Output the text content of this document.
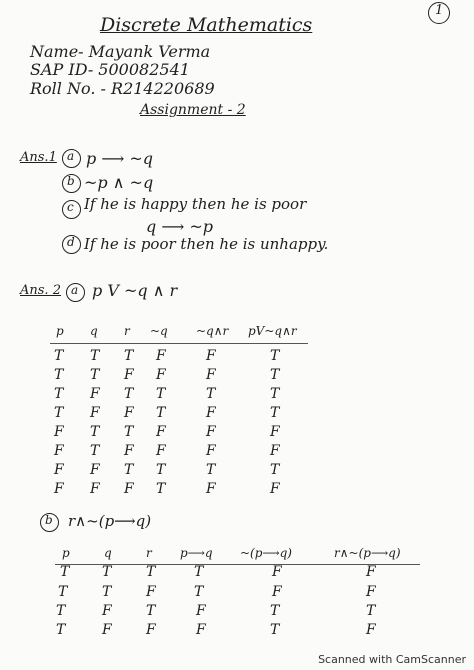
1
Discrete Mathematics
Name- Mayank Verma
SAP ID- 500082541
Roll No. - R214220689
Assignment - 2
Ans.1 a p ⟶ ~q
b ~p ∧ ~q
c If he is happy then he is poor
q ⟶ ~p
d If he is poor then he is unhappy.
Ans. 2 a p V ~q ∧ r
p q r ~q ~q∧r pV~q∧r
T T T F	F	T
T T F F	F	T
T F T T	T	T
T F F T	F	T
F T T F	F	F
F T F F	F	F
F F T T	T	T
F F F T	F	F
b r∧~(p⟶q)
p	q	r p⟶q ~(p⟶q)	r∧~(p⟶q)
T T T	T	F	F
T T F	T	F	F
T	F T	F	T	T
T	F F	F	T	F
Scanned with CamScanner
